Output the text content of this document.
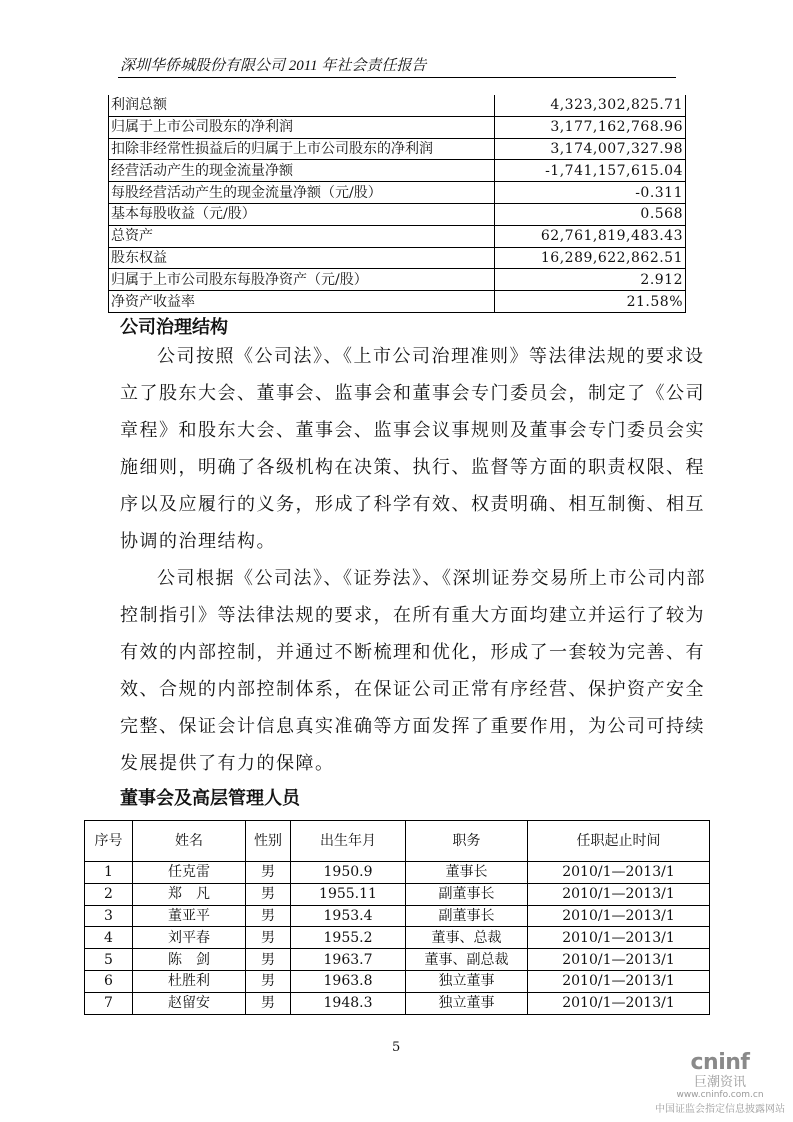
深圳华侨城股份有限公司 2011 年社会责任报告
利润总额	4,323,302,825.71
归属于上市公司股东的净利润	3,177,162,768.96
扣除非经常性损益后的归属于上市公司股东的净利润	3,174,007,327.98
经营活动产生的现金流量净额	-1,741,157,615.04
每股经营活动产生的现金流量净额（元/股）	-0.311
基本每股收益（元/股）	0.568
总资产	62,761,819,483.43
股东权益	16,289,622,862.51
归属于上市公司股东每股净资产（元/股）	2.912
净资产收益率	21.58%
公司治理结构
公司按照《公司法》、《上市公司治理准则》等法律法规的要求设
立了股东大会、董事会、监事会和董事会专门委员会，制定了《公司
章程》和股东大会、董事会、监事会议事规则及董事会专门委员会实
施细则，明确了各级机构在决策、执行、监督等方面的职责权限、程
序以及应履行的义务，形成了科学有效、权责明确、相互制衡、相互
协调的治理结构。
公司根据《公司法》、《证券法》、《深圳证券交易所上市公司内部
控制指引》等法律法规的要求，在所有重大方面均建立并运行了较为
有效的内部控制，并通过不断梳理和优化，形成了一套较为完善、有
效、合规的内部控制体系，在保证公司正常有序经营、保护资产安全
完整、保证会计信息真实准确等方面发挥了重要作用，为公司可持续
发展提供了有力的保障。
董事会及高层管理人员
序号	姓名	性别	出生年月	职务	任职起止时间
1	任克雷	男	1950.9	董事长	2010/1—2013/1
2	郑　凡	男	1955.11	副董事长	2010/1—2013/1
3	董亚平	男	1953.4	副董事长	2010/1—2013/1
4	刘平春	男	1955.2	董事、总裁	2010/1—2013/1
5	陈　剑	男	1963.7	董事、副总裁	2010/1—2013/1
6	杜胜利	男	1963.8	独立董事	2010/1—2013/1
7	赵留安	男	1948.3	独立董事	2010/1—2013/1
5
cninf
巨潮资讯
www.cninfo.com.cn
中国证监会指定信息披露网站
